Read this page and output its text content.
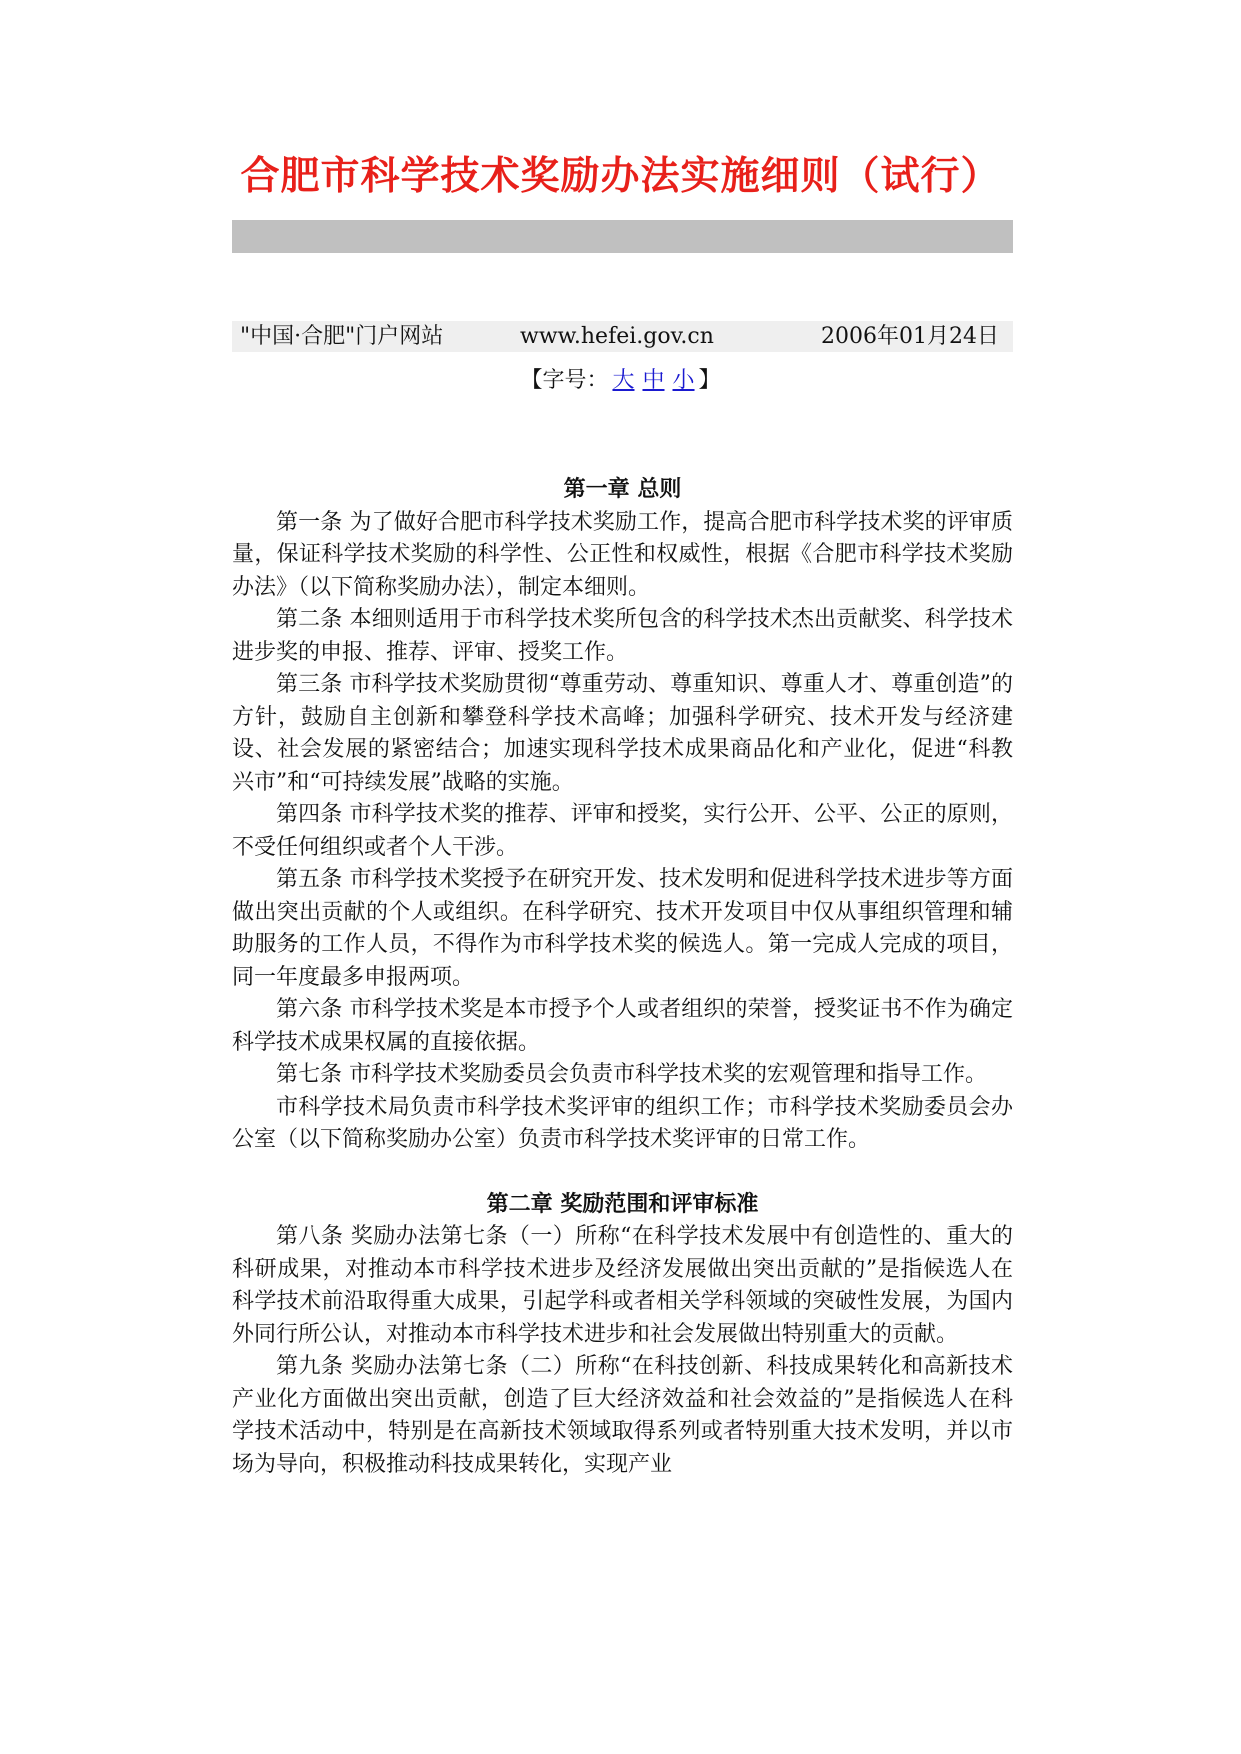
合肥市科学技术奖励办法实施细则（试行）
"中国·合肥"门户网站	www.hefei.gov.cn	2006年01月24日
【字号： 大 中 小 】
第一章 总则

第一条 为了做好合肥市科学技术奖励工作，提高合肥市科学技术奖的评审质量，保证科学技术奖励的科学性、公正性和权威性，根据《合肥市科学技术奖励办法》（以下简称奖励办法），制定本细则。

第二条 本细则适用于市科学技术奖所包含的科学技术杰出贡献奖、科学技术进步奖的申报、推荐、评审、授奖工作。

第三条 市科学技术奖励贯彻“尊重劳动、尊重知识、尊重人才、尊重创造”的方针，鼓励自主创新和攀登科学技术高峰；加强科学研究、技术开发与经济建设、社会发展的紧密结合；加速实现科学技术成果商品化和产业化，促进“科教兴市”和“可持续发展”战略的实施。

第四条 市科学技术奖的推荐、评审和授奖，实行公开、公平、公正的原则，不受任何组织或者个人干涉。

第五条 市科学技术奖授予在研究开发、技术发明和促进科学技术进步等方面做出突出贡献的个人或组织。在科学研究、技术开发项目中仅从事组织管理和辅助服务的工作人员，不得作为市科学技术奖的候选人。第一完成人完成的项目，同一年度最多申报两项。

第六条 市科学技术奖是本市授予个人或者组织的荣誉，授奖证书不作为确定科学技术成果权属的直接依据。

第七条 市科学技术奖励委员会负责市科学技术奖的宏观管理和指导工作。

市科学技术局负责市科学技术奖评审的组织工作；市科学技术奖励委员会办公室（以下简称奖励办公室）负责市科学技术奖评审的日常工作。

第二章 奖励范围和评审标准

第八条 奖励办法第七条（一）所称“在科学技术发展中有创造性的、重大的科研成果，对推动本市科学技术进步及经济发展做出突出贡献的”是指候选人在科学技术前沿取得重大成果，引起学科或者相关学科领域的突破性发展，为国内外同行所公认，对推动本市科学技术进步和社会发展做出特别重大的贡献。

第九条 奖励办法第七条（二）所称“在科技创新、科技成果转化和高新技术产业化方面做出突出贡献，创造了巨大经济效益和社会效益的”是指候选人在科学技术活动中，特别是在高新技术领域取得系列或者特别重大技术发明，并以市场为导向，积极推动科技成果转化，实现产业
